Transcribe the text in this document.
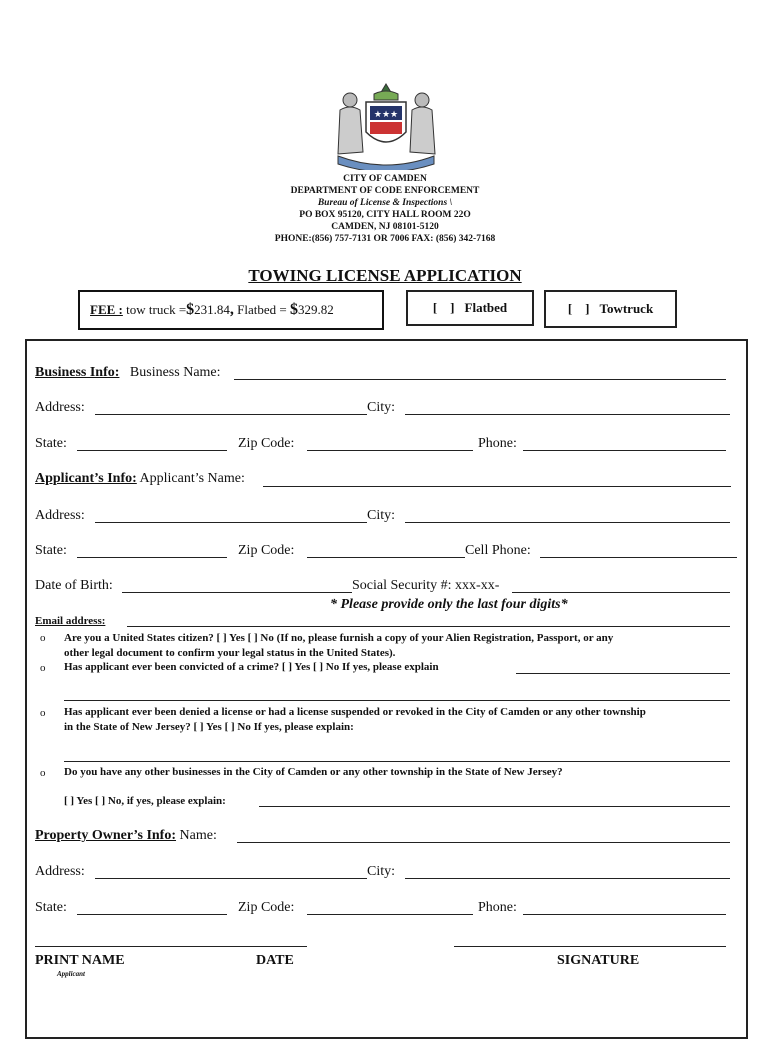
★★★
CITY OF CAMDEN
DEPARTMENT OF CODE ENFORCEMENT
Bureau of License & Inspections \
PO BOX 95120, CITY HALL ROOM 22O
CAMDEN, NJ 08101-5120
PHONE:(856) 757-7131 OR 7006 FAX: (856) 342-7168
TOWING LICENSE APPLICATION
FEE :
tow truck = $ 231.84 , Flatbed = $ 329.82	[    ] Flatbed	[    ] Towtruck
Business Info: Business Name:
Address:	City:
State:	Zip Code:	Phone:
Applicant’s Info: Applicant’s Name:
Address:	City:
State:	Zip Code:	Cell Phone:
Date of Birth:	Social Security #: xxx-xx-
* Please provide only the last four digits*
Email address:
o Are you a United States citizen? [ ] Yes [ ] No (If no, please furnish a copy of your Alien Registration, Passport, or any
other legal document to confirm your legal status in the United States).
o Has applicant ever been convicted of a crime? [ ] Yes [ ] No If yes, please explain
o Has applicant ever been denied a license or had a license suspended or revoked in the City of Camden or any other township
in the State of New Jersey? [ ] Yes [ ] No If yes, please explain:
o Do you have any other businesses in the City of Camden or any other township in the State of New Jersey?
[ ] Yes [ ] No, if yes, please explain:
Property Owner’s Info: Name:
Address:	City:
State:	Zip Code:	Phone:
PRINT NAME
Applicant
DATE	SIGNATURE
